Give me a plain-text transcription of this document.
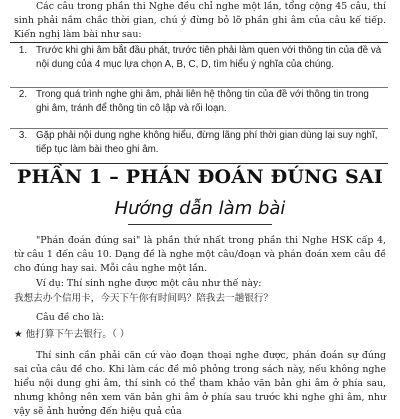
Các câu trong phần thi Nghe đều chỉ nghe một lần, tổng cộng 45 câu, thí sinh phải nắm chắc thời gian, chú ý đừng bỏ lỡ phần ghi âm của câu kế tiếp. Kiến nghị làm bài như sau:

1. Trước khi ghi âm bắt đầu phát, trước tiên phải làm quen với thông tin của đề và nội dung của 4 mục lựa chọn A, B, C, D, tìm hiểu ý nghĩa của chúng.
2. Trong quá trình nghe ghi âm, phải liên hệ thông tin của đề với thông tin trong ghi âm, tránh để thông tin cô lập và rối loạn.
3. Gặp phải nội dung nghe không hiểu, đừng lãng phí thời gian dùng lại suy nghĩ, tiếp tục làm bài theo ghi âm.
PHẦN 1 – PHÁN ĐOÁN ĐÚNG SAI
Hướng dẫn làm bài

"Phán đoán đúng sai" là phần thứ nhất trong phần thi Nghe HSK cấp 4, từ câu 1 đến câu 10. Dạng đề là nghe một câu/đoạn và phán đoán xem câu đề cho đúng hay sai. Mỗi câu nghe một lần.

Ví dụ: Thí sinh nghe được một câu như thế này:

我想去办个信用卡，今天下午你有时间吗？陪我去一趟银行？

Câu đề cho là:

★ 他打算下午去银行。（ ）

Thí sinh cần phải căn cứ vào đoạn thoại nghe được, phán đoán sự đúng sai của câu đề cho. Khi làm các đề mô phỏng trong sách này, nếu không nghe hiểu nội dung ghi âm, thí sinh có thể tham khảo văn bản ghi âm ở phía sau, nhưng không nên xem văn bản ghi âm ở phía sau trước khi nghe ghi âm, như vậy sẽ ảnh hưởng đến hiệu quả của
